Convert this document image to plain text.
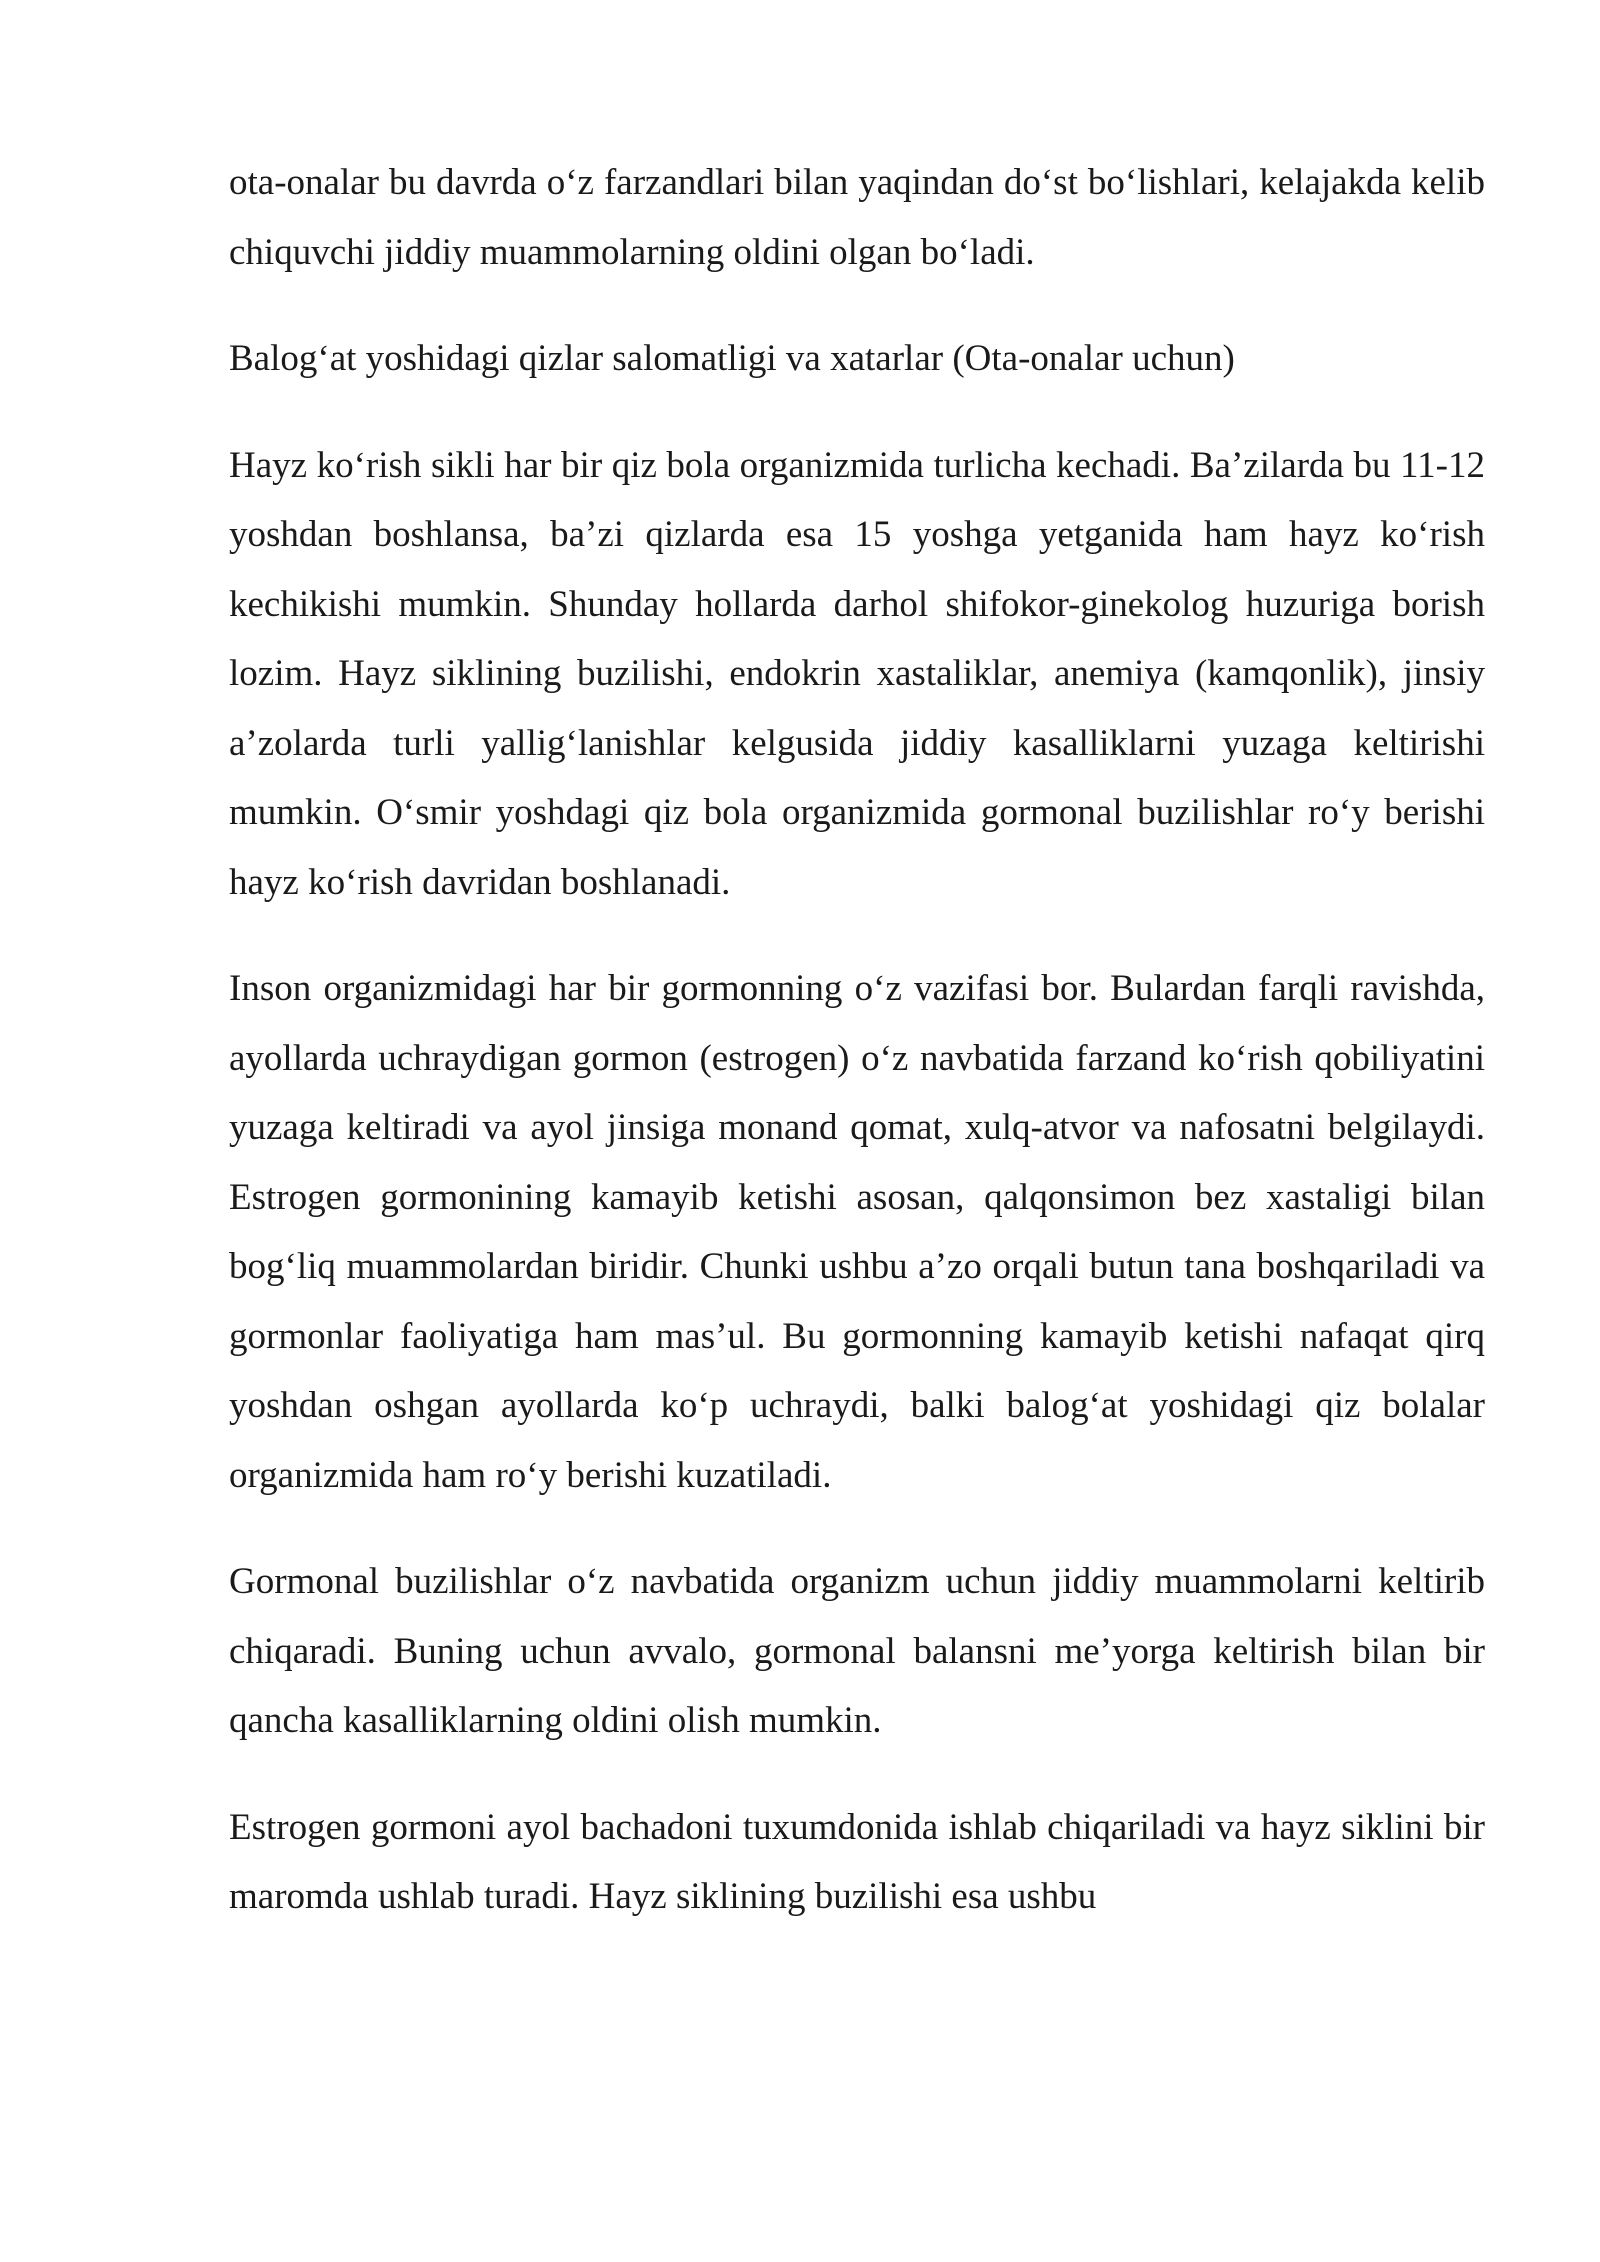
ota-onalar bu davrda o‘z farzandlari bilan yaqindan do‘st bo‘lishlari, kelajakda kelib chiquvchi jiddiy muammolarning oldini olgan bo‘ladi.

Balog‘at yoshidagi qizlar salomatligi va xatarlar (Ota-onalar uchun)

Hayz ko‘rish sikli har bir qiz bola organizmida turlicha kechadi. Ba’zilarda bu 11-12 yoshdan boshlansa, ba’zi qizlarda esa 15 yoshga yetganida ham hayz ko‘rish kechikishi mumkin. Shunday hollarda darhol shifokor-ginekolog huzuriga borish lozim. Hayz siklining buzilishi, endokrin xastaliklar, anemiya (kamqonlik), jinsiy a’zolarda turli yallig‘lanishlar kelgusida jiddiy kasalliklarni yuzaga keltirishi mumkin. O‘smir yoshdagi qiz bola organizmida gormonal buzilishlar ro‘y berishi hayz ko‘rish davridan boshlanadi.

Inson organizmidagi har bir gormonning o‘z vazifasi bor. Bulardan farqli ravishda, ayollarda uchraydigan gormon (estrogen) o‘z navbatida farzand ko‘rish qobiliyatini yuzaga keltiradi va ayol jinsiga monand qomat, xulq-atvor va nafosatni belgilaydi. Estrogen gormonining kamayib ketishi asosan, qalqonsimon bez xastaligi bilan bog‘liq muammolardan biridir. Chunki ushbu a’zo orqali butun tana boshqariladi va gormonlar faoliyatiga ham mas’ul. Bu gormonning kamayib ketishi nafaqat qirq yoshdan oshgan ayollarda ko‘p uchraydi, balki balog‘at yoshidagi qiz bolalar organizmida ham ro‘y berishi kuzatiladi.

Gormonal buzilishlar o‘z navbatida organizm uchun jiddiy muammolarni keltirib chiqaradi. Buning uchun avvalo, gormonal balansni me’yorga keltirish bilan bir qancha kasalliklarning oldini olish mumkin.

Estrogen gormoni ayol bachadoni tuxumdonida ishlab chiqariladi va hayz siklini bir maromda ushlab turadi. Hayz siklining buzilishi esa ushbu
